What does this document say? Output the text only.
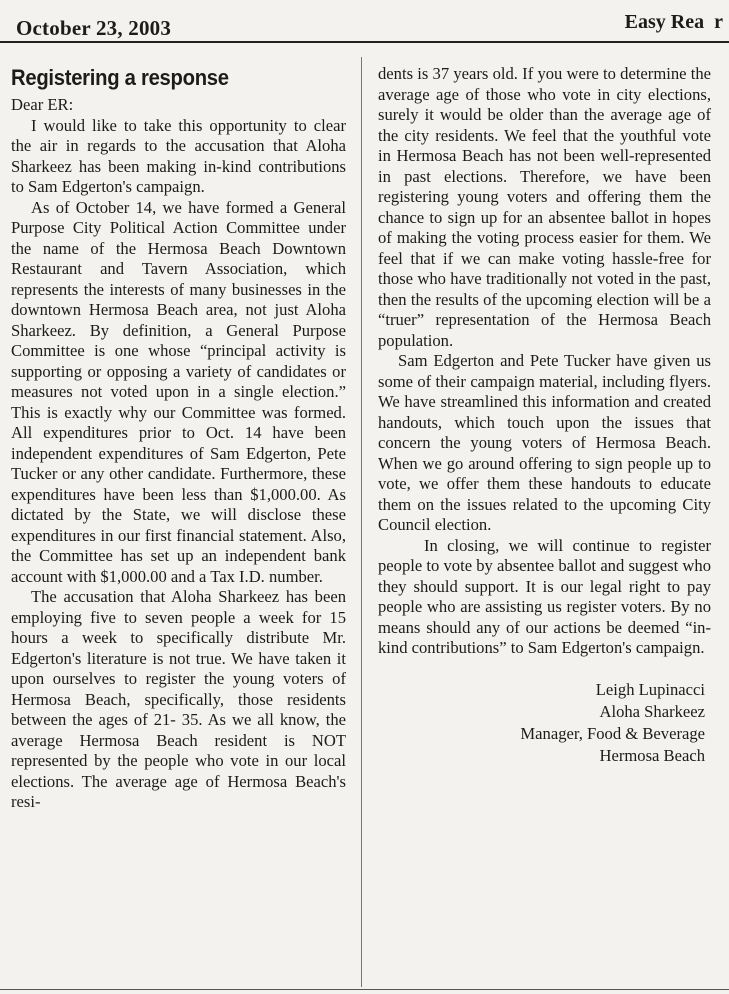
October 23, 2003	Easy Rea r
Registering a response
Dear ER:

I would like to take this opportunity to clear the air in regards to the accusation that Aloha Sharkeez has been making in-kind contributions to Sam Edgerton's campaign.

As of October 14, we have formed a General Purpose City Political Action Committee under the name of the Hermosa Beach Downtown Restaurant and Tavern Association, which represents the interests of many businesses in the downtown Hermosa Beach area, not just Aloha Sharkeez. By definition, a General Purpose Committee is one whose “principal activity is supporting or opposing a variety of candidates or measures not voted upon in a single election.” This is exactly why our Committee was formed. All expenditures prior to Oct. 14 have been independent expenditures of Sam Edgerton, Pete Tucker or any other candidate. Furthermore, these expenditures have been less than $1,000.00. As dictated by the State, we will disclose these expenditures in our first financial statement. Also, the Committee has set up an independent bank account with $1,000.00 and a Tax I.D. number.

The accusation that Aloha Sharkeez has been employing five to seven people a week for 15 hours a week to specifically distribute Mr. Edgerton's literature is not true. We have taken it upon ourselves to register the young voters of Hermosa Beach, specifically, those residents between the ages of 21- 35. As we all know, the average Hermosa Beach resident is NOT represented by the people who vote in our local elections. The average age of Hermosa Beach's resi-

dents is 37 years old. If you were to determine the average age of those who vote in city elections, surely it would be older than the average age of the city residents. We feel that the youthful vote in Hermosa Beach has not been well-represented in past elections. Therefore, we have been registering young voters and offering them the chance to sign up for an absentee ballot in hopes of making the voting process easier for them. We feel that if we can make voting hassle-free for those who have traditionally not voted in the past, then the results of the upcoming election will be a “truer” representation of the Hermosa Beach population.

Sam Edgerton and Pete Tucker have given us some of their campaign material, including flyers. We have streamlined this information and created handouts, which touch upon the issues that concern the young voters of Hermosa Beach. When we go around offering to sign people up to vote, we offer them these handouts to educate them on the issues related to the upcoming City Council election.

In closing, we will continue to register people to vote by absentee ballot and suggest who they should support. It is our legal right to pay people who are assisting us register voters. By no means should any of our actions be deemed “in-kind contributions” to Sam Edgerton's campaign.

Leigh Lupinacci
Aloha Sharkeez
Manager, Food & Beverage
Hermosa Beach
